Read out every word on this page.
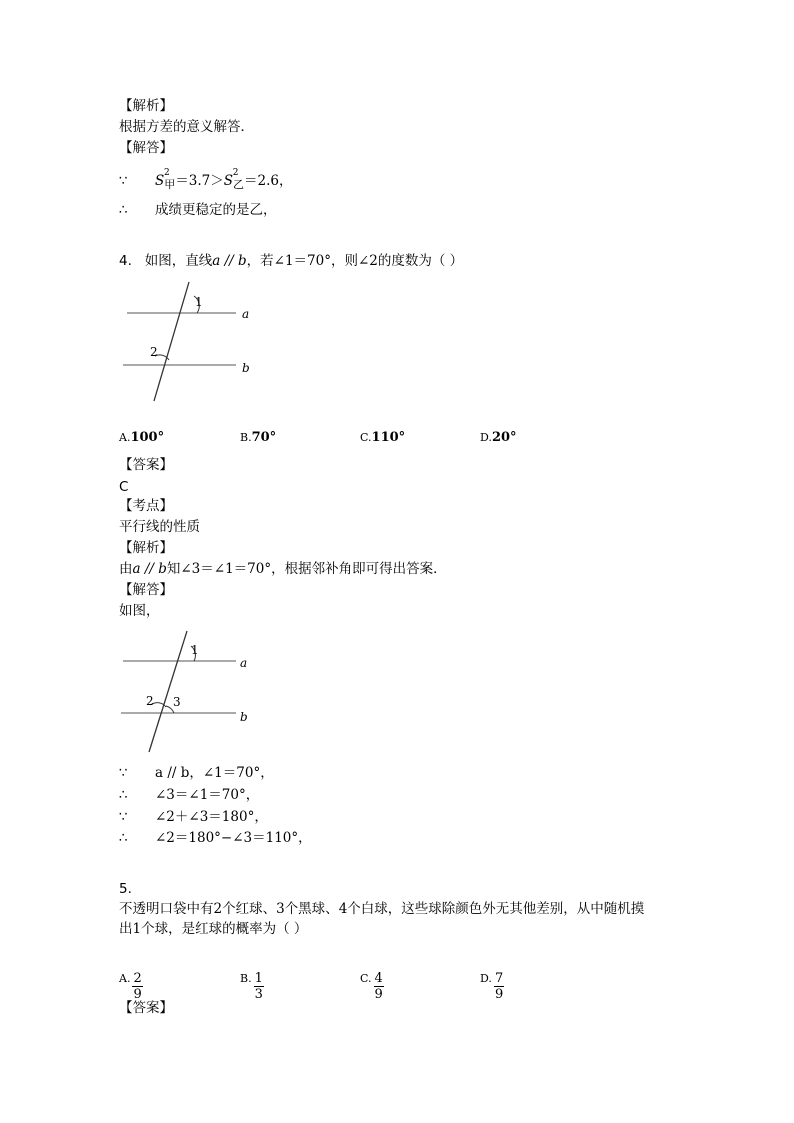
【解析】
根据方差的意义解答．
【解答】
∵ S 2
$_甲$＝3.7＞S 2
$_乙$＝2.6，
∴ 成绩更稳定的是乙，
4. 如图，直线a // b，若∠1＝70°，则∠2的度数为（ ）
1
2
a
b
A.100°	B.70°	C.110°	D.20°
【答案】
C
【考点】
平行线的性质
【解析】
由a // b知∠3＝∠1＝70°，根据邻补角即可得出答案．
【解答】
如图，
1
2 3
a
b
∵ a // b，∠1＝70°，
∴ ∠3＝∠1＝70°，
∵ ∠2＋∠3＝180°，
∴ ∠2＝180°−∠3＝110°，
5.
不透明口袋中有2个红球、3个黑球、4个白球，这些球除颜色外无其他差别，从中随机摸
出1个球，是红球的概率为（ ）
$_{A.} \frac{2}{9}$	$_{B.} \frac{1}{3}$	$_{C.} \frac{4}{9}$	$_{D.} \frac{7}{9}$
【答案】
